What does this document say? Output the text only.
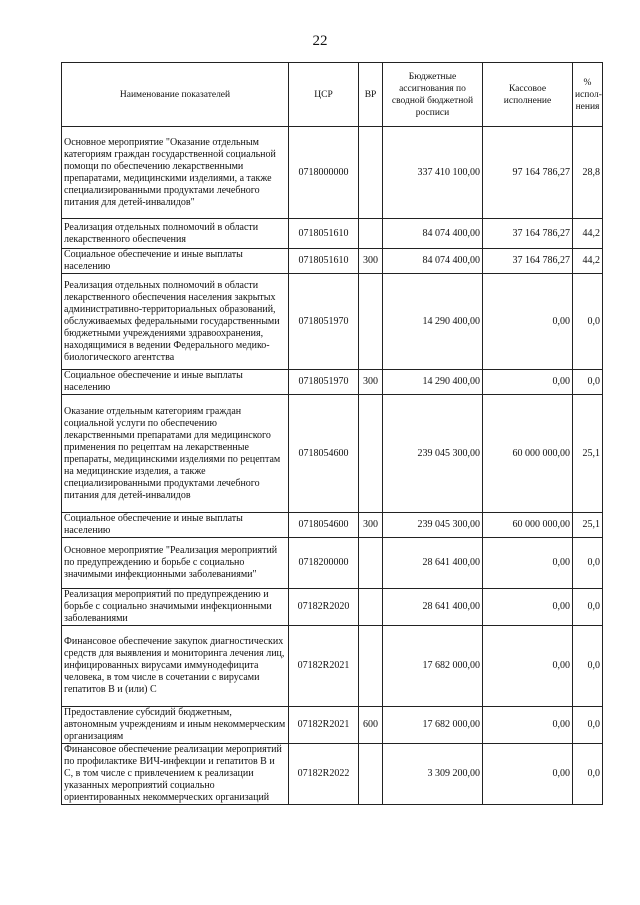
22
Наименование показателей	ЦСР	ВР	Бюджетные ассигнования по сводной бюджетной росписи	Кассовое исполнение	% испол-нения
Основное мероприятие "Оказание отдельным категориям граждан государственной социальной помощи по обеспечению лекарственными препаратами, медицинскими изделиями, а также специализированными продуктами лечебного питания для детей-инвалидов"	0718000000		337 410 100,00	97 164 786,27	28,8
Реализация отдельных полномочий в области лекарственного обеспечения	0718051610		84 074 400,00	37 164 786,27	44,2
Социальное обеспечение и иные выплаты населению	0718051610	300	84 074 400,00	37 164 786,27	44,2
Реализация отдельных полномочий в области лекарственного обеспечения населения закрытых административно-территориальных образований, обслуживаемых федеральными государственными бюджетными учреждениями здравоохранения, находящимися в ведении Федерального медико-биологического агентства	0718051970		14 290 400,00	0,00	0,0
Социальное обеспечение и иные выплаты населению	0718051970	300	14 290 400,00	0,00	0,0
Оказание отдельным категориям граждан социальной услуги по обеспечению лекарственными препаратами для медицинского применения по рецептам на лекарственные препараты, медицинскими изделиями по рецептам на медицинские изделия, а также специализированными продуктами лечебного питания для детей-инвалидов	0718054600		239 045 300,00	60 000 000,00	25,1
Социальное обеспечение и иные выплаты населению	0718054600	300	239 045 300,00	60 000 000,00	25,1
Основное мероприятие "Реализация мероприятий по предупреждению и борьбе с социально значимыми инфекционными заболеваниями"	0718200000		28 641 400,00	0,00	0,0
Реализация мероприятий по предупреждению и борьбе с социально значимыми инфекционными заболеваниями	07182R2020		28 641 400,00	0,00	0,0
Финансовое обеспечение закупок диагностических средств для выявления и мониторинга лечения лиц, инфицированных вирусами иммунодефицита человека, в том числе в сочетании с вирусами гепатитов B и (или) C	07182R2021		17 682 000,00	0,00	0,0
Предоставление субсидий бюджетным, автономным учреждениям и иным некоммерческим организациям	07182R2021	600	17 682 000,00	0,00	0,0
Финансовое обеспечение реализации мероприятий по профилактике ВИЧ-инфекции и гепатитов B и C, в том числе с привлечением к реализации указанных мероприятий социально ориентированных некоммерческих организаций	07182R2022		3 309 200,00	0,00	0,0
